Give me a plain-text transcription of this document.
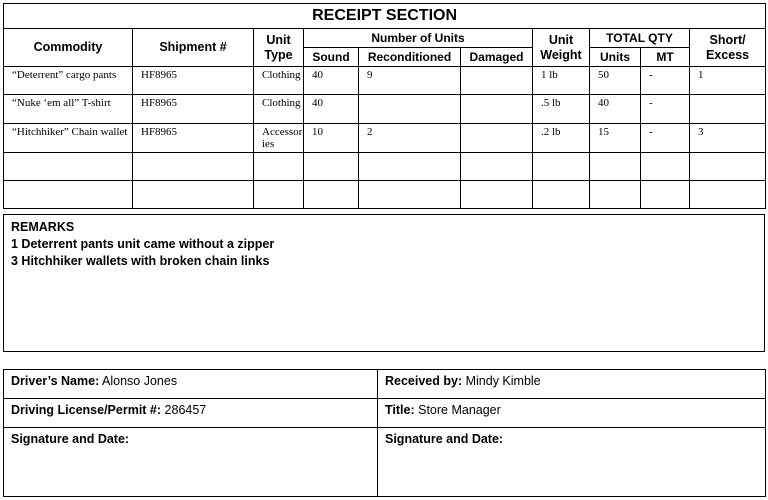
RECEIPT SECTION									
Commodity	Shipment #	Unit Type	Number of Units			Unit Weight	TOTAL QTY		Short/ Excess
			Sound	Reconditioned	Damaged		Units	MT	
“Deterrent” cargo pants	HF8965	Clothing	40	9		1 lb	50	-	1
“Nuke ‘em all” T-shirt	HF8965	Clothing	40			.5 lb	40	-	
“Hitchhiker” Chain wallet	HF8965	Accessories	10	2		.2 lb	15	-	3

REMARKS
1 Deterrent pants unit came without a zipper
3 Hitchhiker wallets with broken chain links
Driver’s Name: Alonso Jones	Received by: Mindy Kimble
Driving License/Permit #: 286457	Title: Store Manager
Signature and Date:	Signature and Date:
